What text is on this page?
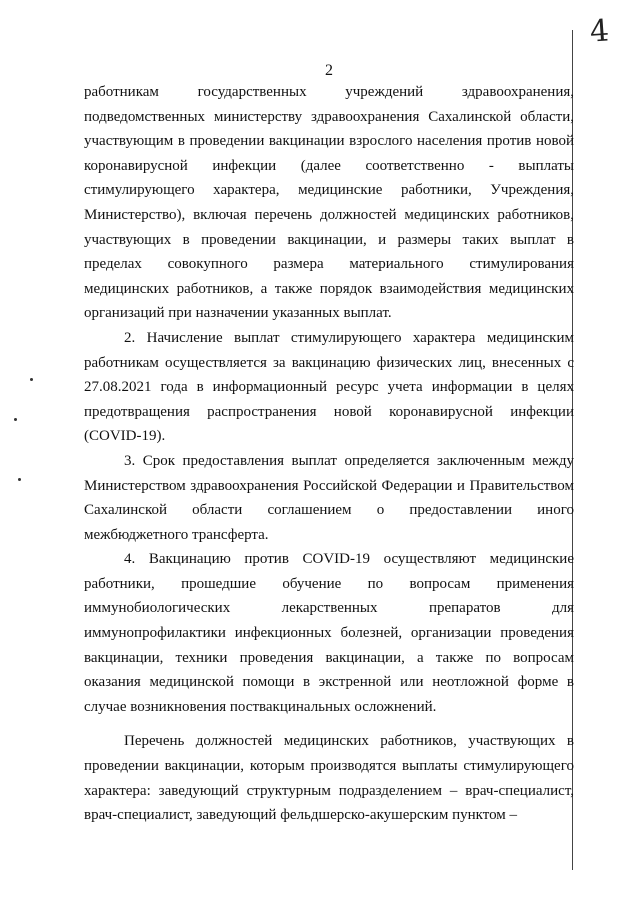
4
2

работникам государственных учреждений здравоохранения, подведомственных министерству здравоохранения Сахалинской области, участвующим в проведении вакцинации взрослого населения против новой коронавирусной инфекции (далее соответственно - выплаты стимулирующего характера, медицинские работники, Учреждения, Министерство), включая перечень должностей медицинских работников, участвующих в проведении вакцинации, и размеры таких выплат в пределах совокупного размера материального стимулирования медицинских работников, а также порядок взаимодействия медицинских организаций при назначении указанных выплат.

2. Начисление выплат стимулирующего характера медицинским работникам осуществляется за вакцинацию физических лиц, внесенных с 27.08.2021 года в информационный ресурс учета информации в целях предотвращения распространения новой коронавирусной инфекции (COVID-19).

3. Срок предоставления выплат определяется заключенным между Министерством здравоохранения Российской Федерации и Правительством Сахалинской области соглашением о предоставлении иного межбюджетного трансферта.

4. Вакцинацию против COVID-19 осуществляют медицинские работники, прошедшие обучение по вопросам применения иммунобиологических лекарственных препаратов для иммунопрофилактики инфекционных болезней, организации проведения вакцинации, техники проведения вакцинации, а также по вопросам оказания медицинской помощи в экстренной или неотложной форме в случае возникновения поствакцинальных осложнений.

Перечень должностей медицинских работников, участвующих в проведении вакцинации, которым производятся выплаты стимулирующего характера: заведующий структурным подразделением – врач-специалист, врач-специалист, заведующий фельдшерско-акушерским пунктом –
